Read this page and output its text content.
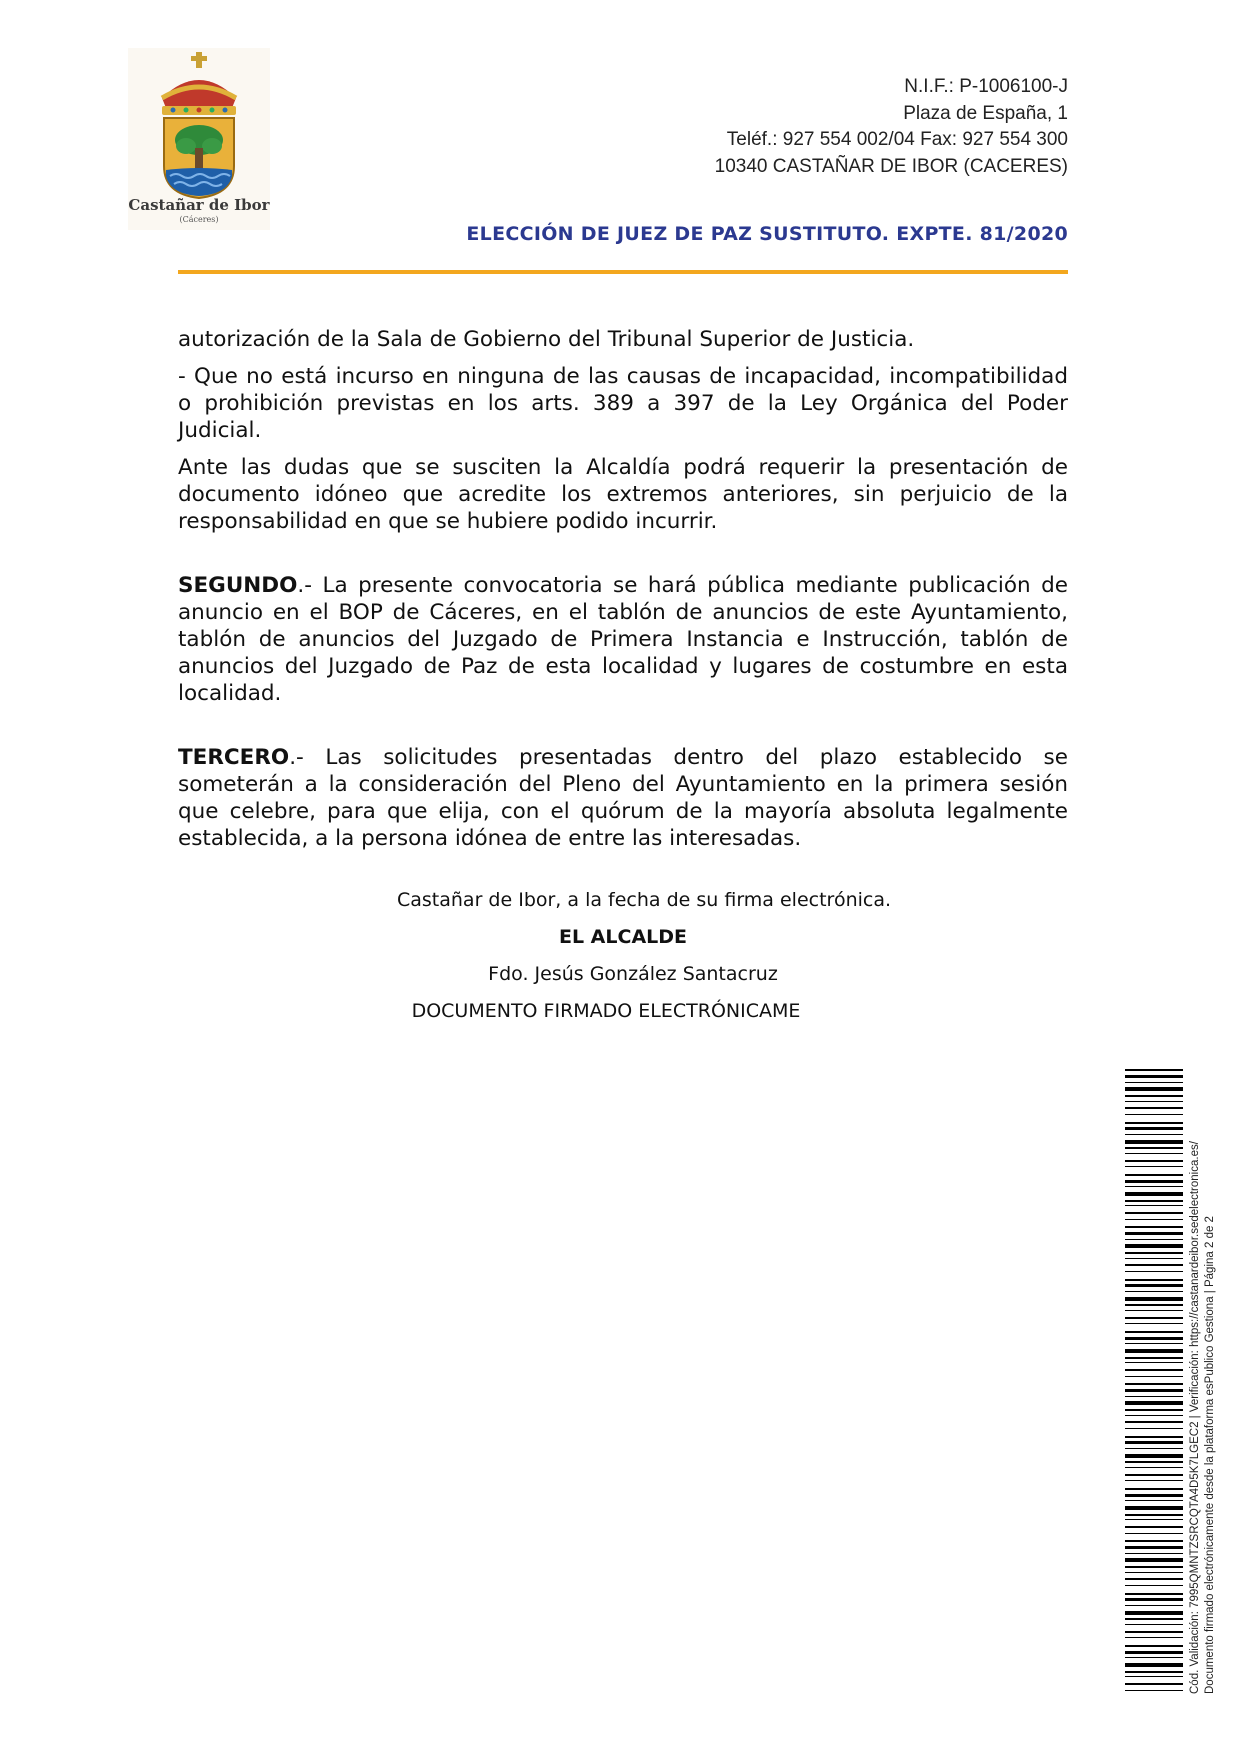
Castañar de Ibor
(Cáceres)
N.I.F.: P-1006100-J
Plaza de España, 1
Teléf.: 927 554 002/04 Fax: 927 554 300
10340 CASTAÑAR DE IBOR (CACERES)
ELECCIÓN DE JUEZ DE PAZ SUSTITUTO. EXPTE. 81/2020

autorización de la Sala de Gobierno del Tribunal Superior de Justicia.

- Que no está incurso en ninguna de las causas de incapacidad, incompatibilidad o prohibición previstas en los arts. 389 a 397 de la Ley Orgánica del Poder Judicial.

Ante las dudas que se susciten la Alcaldía podrá requerir la presentación de documento idóneo que acredite los extremos anteriores, sin perjuicio de la responsabilidad en que se hubiere podido incurrir.

SEGUNDO.- La presente convocatoria se hará pública mediante publicación de anuncio en el BOP de Cáceres, en el tablón de anuncios de este Ayuntamiento, tablón de anuncios del Juzgado de Primera Instancia e Instrucción, tablón de anuncios del Juzgado de Paz de esta localidad y lugares de costumbre en esta localidad.

TERCERO.- Las solicitudes presentadas dentro del plazo establecido se someterán a la consideración del Pleno del Ayuntamiento en la primera sesión que celebre, para que elija, con el quórum de la mayoría absoluta legalmente establecida, a la persona idónea de entre las interesadas.

Castañar de Ibor, a la fecha de su firma electrónica.
EL ALCALDE
Fdo. Jesús González Santacruz
DOCUMENTO FIRMADO ELECTRÓNICAME
Cód. Validación: 7995QMNTZSRCQTA4D5K7LGEC2 | Verificación: https://castanardeibor.sedelectronica.es/ Documento firmado electrónicamente desde la plataforma esPublico Gestiona | Página 2 de 2
